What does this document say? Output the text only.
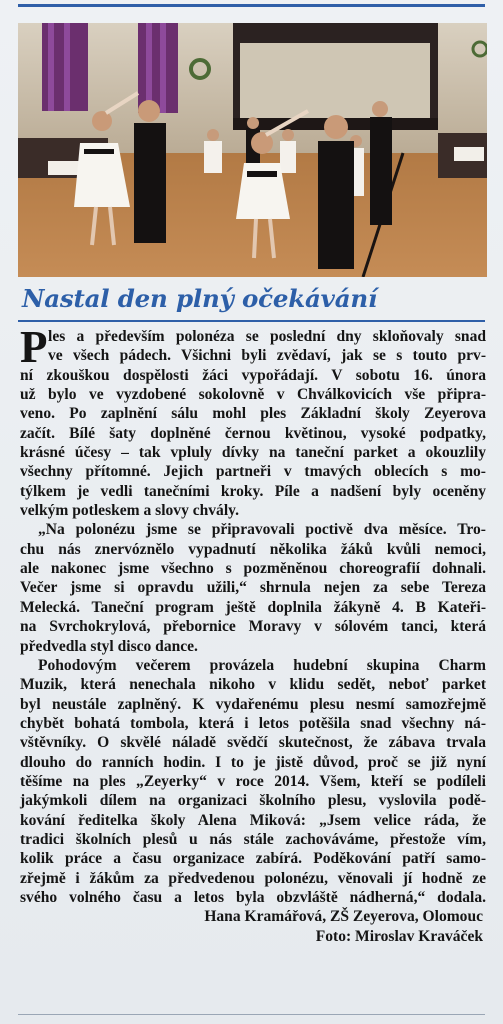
Nastal den plný očekávání
P les a především polonéza se poslední dny skloňovaly snad
ve všech pádech. Všichni byli zvědaví, jak se s touto prv-
ní zkouškou dospělosti žáci vypořádají. V sobotu 16. února
už bylo ve vyzdobené sokolovně v Chválkovicích vše připra-
veno. Po zaplnění sálu mohl ples Základní školy Zeyerova
začít. Bílé šaty doplněné černou květinou, vysoké podpatky,
krásné účesy – tak vpluly dívky na taneční parket a okouzlily
všechny přítomné. Jejich partneři v tmavých oblecích s mo-
týlkem je vedli tanečními kroky. Píle a nadšení byly oceněny
velkým potleskem a slovy chvály.
„Na polonézu jsme se připravovali poctivě dva měsíce. Tro-
chu nás znervóznělo vypadnutí několika žáků kvůli nemoci,
ale nakonec jsme všechno s pozměněnou choreografií dohnali.
Večer jsme si opravdu užili,“ shrnula nejen za sebe Tereza
Melecká. Taneční program ještě doplnila žákyně 4. B Kateři-
na Svrchokrylová, přebornice Moravy v sólovém tanci, která
předvedla styl disco dance.
Pohodovým večerem provázela hudební skupina Charm
Muzik, která nenechala nikoho v klidu sedět, neboť parket
byl neustále zaplněný. K vydařenému plesu nesmí samozřejmě
chybět bohatá tombola, která i letos potěšila snad všechny ná-
vštěvníky. O skvělé náladě svědčí skutečnost, že zábava trvala
dlouho do ranních hodin. I to je jistě důvod, proč se již nyní
těšíme na ples „Zeyerky“ v roce 2014. Všem, kteří se podíleli
jakýmkoli dílem na organizaci školního plesu, vyslovila podě-
kování ředitelka školy Alena Miková: „Jsem velice ráda, že
tradici školních plesů u nás stále zachováváme, přestože vím,
kolik práce a času organizace zabírá. Poděkování patří samo-
zřejmě i žákům za předvedenou polonézu, věnovali jí hodně ze
svého volného času a letos byla obzvláště nádherná,“ dodala.
Hana Kramářová, ZŠ Zeyerova, Olomouc
Foto: Miroslav Kraváček
